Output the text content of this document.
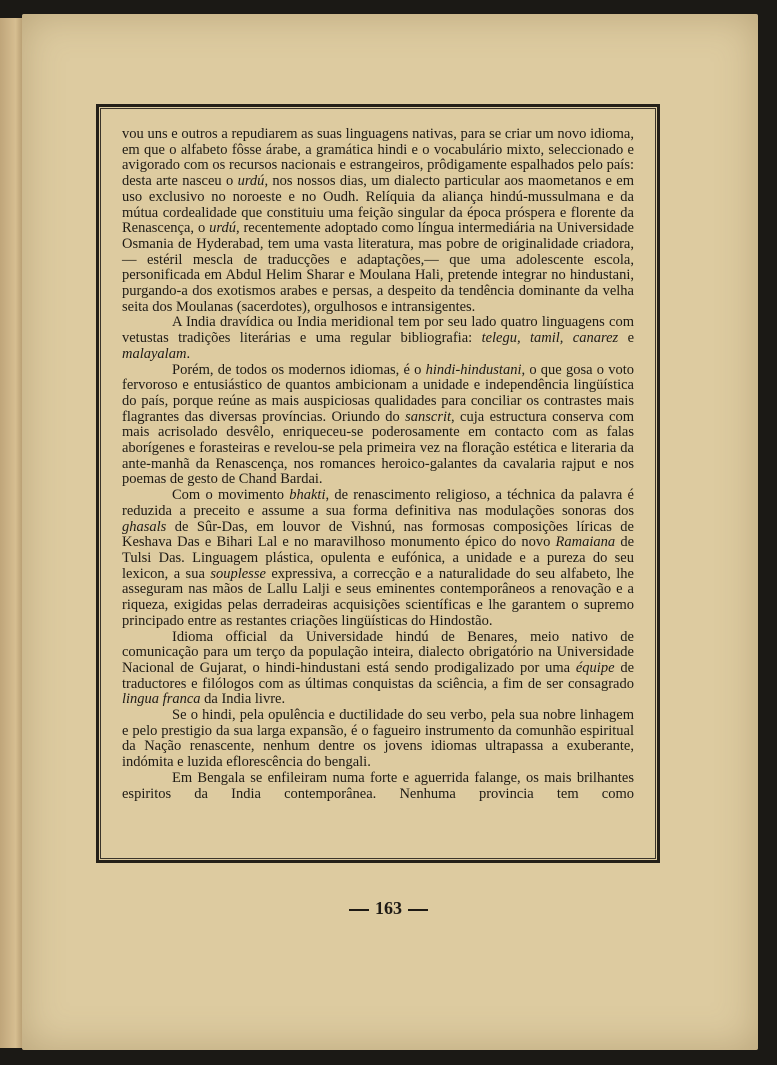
vou uns e outros a repudiarem as suas linguagens nativas, para se criar um novo idioma, em que o alfabeto fôsse árabe, a gramática hindi e o vocabulário mixto, seleccionado e avigorado com os recursos nacionais e estrangeiros, prôdigamente espalhados pelo país: desta arte nasceu o urdú, nos nossos dias, um dialecto particular aos maometanos e em uso exclusivo no noroeste e no Oudh. Relíquia da aliança hindú-mussulmana e da mútua cordealidade que constituiu uma feição singular da época próspera e florente da Renascença, o urdú, recentemente adoptado como língua intermediária na Universidade Osmania de Hyderabad, tem uma vasta literatura, mas pobre de originalidade criadora,— estéril mescla de traducções e adaptações,— que uma adolescente escola, personificada em Abdul Helim Sharar e Moulana Hali, pretende integrar no hindustani, purgando-a dos exotismos arabes e persas, a despeito da tendência dominante da velha seita dos Moulanas (sacerdotes), orgulhosos e intransigentes.

A India dravídica ou India meridional tem por seu lado quatro linguagens com vetustas tradições literárias e uma regular bibliografia: telegu, tamil, canarez e malayalam.

Porém, de todos os modernos idiomas, é o hindi-hindustani, o que gosa o voto fervoroso e entusiástico de quantos ambicionam a unidade e independência lingüística do país, porque reúne as mais auspiciosas qualidades para conciliar os contrastes mais flagrantes das diversas províncias. Oriundo do sanscrit, cuja estructura conserva com mais acrisolado desvêlo, enriqueceu-se poderosamente em contacto com as falas aborígenes e forasteiras e revelou-se pela primeira vez na floração estética e literaria da ante-manhã da Renascença, nos romances heroico-galantes da cavalaria rajput e nos poemas de gesto de Chand Bardai.

Com o movimento bhakti, de renascimento religioso, a téchnica da palavra é reduzida a preceito e assume a sua forma definitiva nas modulações sonoras dos ghasals de Sûr-Das, em louvor de Vishnú, nas formosas composições líricas de Keshava Das e Bihari Lal e no maravilhoso monumento épico do novo Ramaiana de Tulsi Das. Linguagem plástica, opulenta e eufónica, a unidade e a pureza do seu lexicon, a sua souplesse expressiva, a correcção e a naturalidade do seu alfabeto, lhe asseguram nas mãos de Lallu Lalji e seus eminentes contemporâneos a renovação e a riqueza, exigidas pelas derradeiras acquisições scientíficas e lhe garantem o supremo principado entre as restantes criações lingüísticas do Hindostão.

Idioma official da Universidade hindú de Benares, meio nativo de comunicação para um terço da população inteira, dialecto obrigatório na Universidade Nacional de Gujarat, o hindi-hindustani está sendo prodigalizado por uma équipe de traductores e filólogos com as últimas conquistas da sciência, a fim de ser consagrado lingua franca da India livre.

Se o hindi, pela opulência e ductilidade do seu verbo, pela sua nobre linhagem e pelo prestigio da sua larga expansão, é o fagueiro instrumento da comunhão espiritual da Nação renascente, nenhum dentre os jovens idiomas ultrapassa a exuberante, indómita e luzida eflorescência do bengali.

Em Bengala se enfileiram numa forte e aguerrida falange, os mais brilhantes espiritos da India contemporânea. Nenhuma provincia tem como

163
